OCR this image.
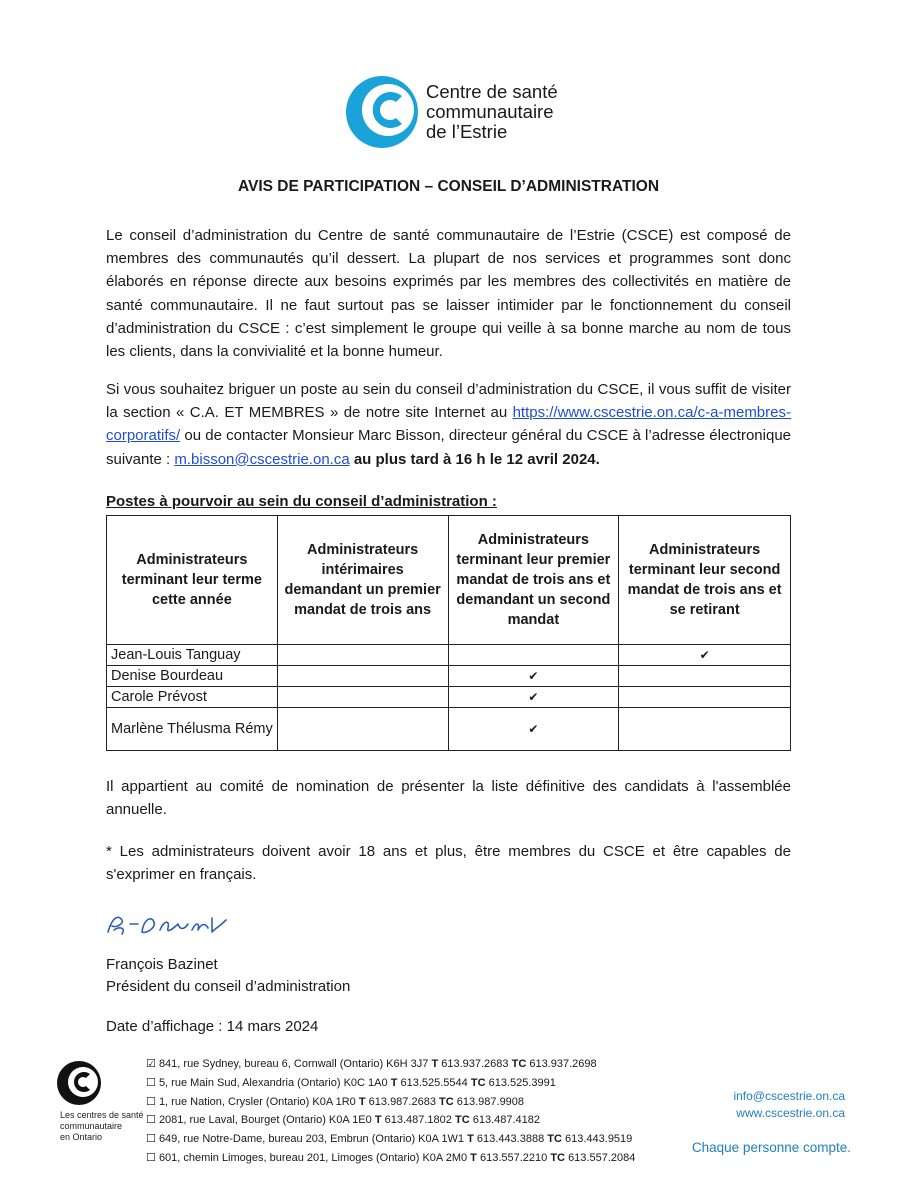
Centre de santé
communautaire
de l’Estrie
AVIS DE PARTICIPATION – CONSEIL D’ADMINISTRATION
Le conseil d’administration du Centre de santé communautaire de l’Estrie (CSCE) est composé de membres des communautés qu’il dessert. La plupart de nos services et programmes sont donc élaborés en réponse directe aux besoins exprimés par les membres des collectivités en matière de santé communautaire. Il ne faut surtout pas se laisser intimider par le fonctionnement du conseil d’administration du CSCE : c’est simplement le groupe qui veille à sa bonne marche au nom de tous les clients, dans la convivialité et la bonne humeur.
Si vous souhaitez briguer un poste au sein du conseil d’administration du CSCE, il vous suffit de visiter la section « C.A. ET MEMBRES » de notre site Internet au https://www.cscestrie.on.ca/c-a-membres-corporatifs/ ou de contacter Monsieur Marc Bisson, directeur général du CSCE à l’adresse électronique suivante : m.bisson@cscestrie.on.ca au plus tard à 16 h le 12 avril 2024.
Postes à pourvoir au sein du conseil d’administration :
Administrateurs terminant leur terme cette année	Administrateurs intérimaires demandant un premier mandat de trois ans	Administrateurs terminant leur premier mandat de trois ans et demandant un second mandat	Administrateurs terminant leur second mandat de trois ans et se retirant
Jean-Louis Tanguay			✔
Denise Bourdeau		✔	
Carole Prévost		✔	
Marlène Thélusma Rémy		✔	
Il appartient au comité de nomination de présenter la liste définitive des candidats à l'assemblée annuelle.
* Les administrateurs doivent avoir 18 ans et plus, être membres du CSCE et être capables de s'exprimer en français.
François Bazinet
Président du conseil d’administration
Date d’affichage : 14 mars 2024
Les centres de santé
communautaire
en Ontario
☑ 841, rue Sydney, bureau 6, Cornwall (Ontario) K6H 3J7 T 613.937.2683 TC 613.937.2698
☐ 5, rue Main Sud, Alexandria (Ontario) K0C 1A0 T 613.525.5544 TC 613.525.3991
☐ 1, rue Nation, Crysler (Ontario) K0A 1R0 T 613.987.2683 TC 613.987.9908
☐ 2081, rue Laval, Bourget (Ontario) K0A 1E0 T 613.487.1802 TC 613.487.4182
☐ 649, rue Notre-Dame, bureau 203, Embrun (Ontario) K0A 1W1 T 613.443.3888 TC 613.443.9519
☐ 601, chemin Limoges, bureau 201, Limoges (Ontario) K0A 2M0 T 613.557.2210 TC 613.557.2084
info@cscestrie.on.ca
www.cscestrie.on.ca
Chaque personne compte.
